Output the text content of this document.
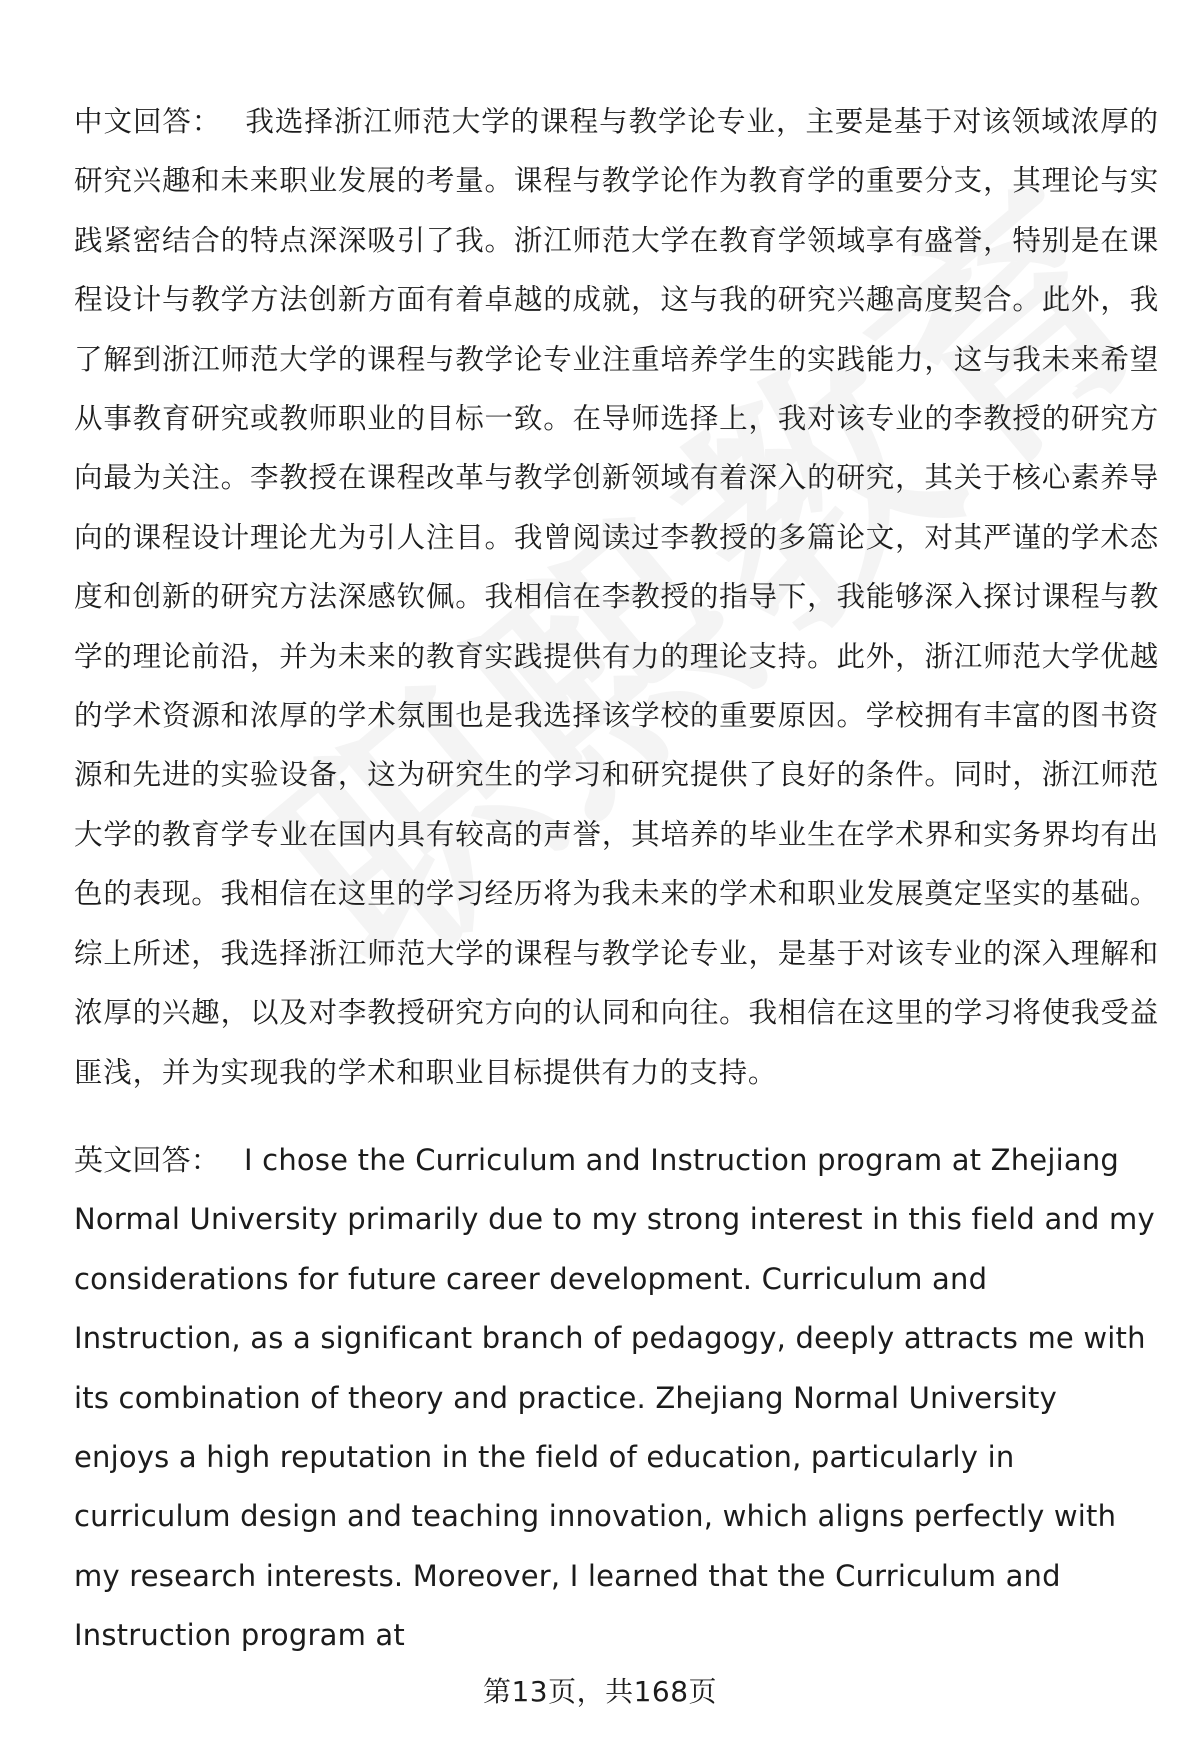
中文回答： 我选择浙江师范大学的课程与教学论专业，主要是基于对该领域浓厚的研究兴趣和未来职业发展的考量。课程与教学论作为教育学的重要分支，其理论与实践紧密结合的特点深深吸引了我。浙江师范大学在教育学领域享有盛誉，特别是在课程设计与教学方法创新方面有着卓越的成就，这与我的研究兴趣高度契合。此外，我了解到浙江师范大学的课程与教学论专业注重培养学生的实践能力，这与我未来希望从事教育研究或教师职业的目标一致。在导师选择上，我对该专业的李教授的研究方向最为关注。李教授在课程改革与教学创新领域有着深入的研究，其关于核心素养导向的课程设计理论尤为引人注目。我曾阅读过李教授的多篇论文，对其严谨的学术态度和创新的研究方法深感钦佩。我相信在李教授的指导下，我能够深入探讨课程与教学的理论前沿，并为未来的教育实践提供有力的理论支持。此外，浙江师范大学优越的学术资源和浓厚的学术氛围也是我选择该学校的重要原因。学校拥有丰富的图书资源和先进的实验设备，这为研究生的学习和研究提供了良好的条件。同时，浙江师范大学的教育学专业在国内具有较高的声誉，其培养的毕业生在学术界和实务界均有出色的表现。我相信在这里的学习经历将为我未来的学术和职业发展奠定坚实的基础。综上所述，我选择浙江师范大学的课程与教学论专业，是基于对该专业的深入理解和浓厚的兴趣，以及对李教授研究方向的认同和向往。我相信在这里的学习将使我受益匪浅，并为实现我的学术和职业目标提供有力的支持。

英文回答： I chose the Curriculum and Instruction program at Zhejiang Normal University primarily due to my strong interest in this field and my considerations for future career development. Curriculum and Instruction, as a significant branch of pedagogy, deeply attracts me with its combination of theory and practice. Zhejiang Normal University enjoys a high reputation in the field of education, particularly in curriculum design and teaching innovation, which aligns perfectly with my research interests. Moreover, I learned that the Curriculum and Instruction program at

第13页，共168页
